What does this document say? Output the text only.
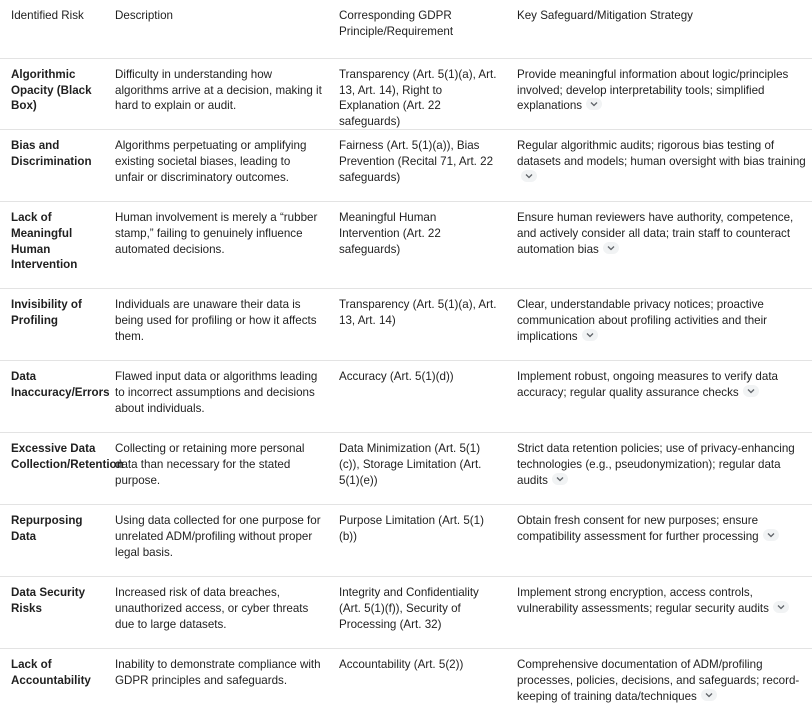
Identified Risk	Description	Corresponding GDPR Principle/Requirement	Key Safeguard/Mitigation Strategy
Algorithmic Opacity (Black Box)	Difficulty in understanding how algorithms arrive at a decision, making it hard to explain or audit.	Transparency (Art. 5(1)(a), Art. 13, Art. 14), Right to Explanation (Art. 22 safeguards)	Provide meaningful information about logic/principles involved; develop interpretability tools; simplified explanations

Bias and Discrimination	Algorithms perpetuating or amplifying existing societal biases, leading to unfair or discriminatory outcomes.	Fairness (Art. 5(1)(a)), Bias Prevention (Recital 71, Art. 22 safeguards)	Regular algorithmic audits; rigorous bias testing of datasets and models; human oversight with bias training

Lack of Meaningful Human Intervention	Human involvement is merely a “rubber stamp,” failing to genuinely influence automated decisions.	Meaningful Human Intervention (Art. 22 safeguards)	Ensure human reviewers have authority, competence, and actively consider all data; train staff to counteract automation bias

Invisibility of Profiling	Individuals are unaware their data is being used for profiling or how it affects them.	Transparency (Art. 5(1)(a), Art. 13, Art. 14)	Clear, understandable privacy notices; proactive communication about profiling activities and their implications

Data Inaccuracy/Errors	Flawed input data or algorithms leading to incorrect assumptions and decisions about individuals.	Accuracy (Art. 5(1)(d))	Implement robust, ongoing measures to verify data accuracy; regular quality assurance checks

Excessive Data Collection/Retention	Collecting or retaining more personal data than necessary for the stated purpose.	Data Minimization (Art. 5(1)(c)), Storage Limitation (Art. 5(1)(e))	Strict data retention policies; use of privacy-enhancing technologies (e.g., pseudonymization); regular data audits

Repurposing Data	Using data collected for one purpose for unrelated ADM/profiling without proper legal basis.	Purpose Limitation (Art. 5(1)(b))	Obtain fresh consent for new purposes; ensure compatibility assessment for further processing

Data Security Risks	Increased risk of data breaches, unauthorized access, or cyber threats due to large datasets.	Integrity and Confidentiality (Art. 5(1)(f)), Security of Processing (Art. 32)	Implement strong encryption, access controls, vulnerability assessments; regular security audits

Lack of Accountability	Inability to demonstrate compliance with GDPR principles and safeguards.	Accountability (Art. 5(2))	Comprehensive documentation of ADM/profiling processes, policies, decisions, and safeguards; record-keeping of training data/techniques
